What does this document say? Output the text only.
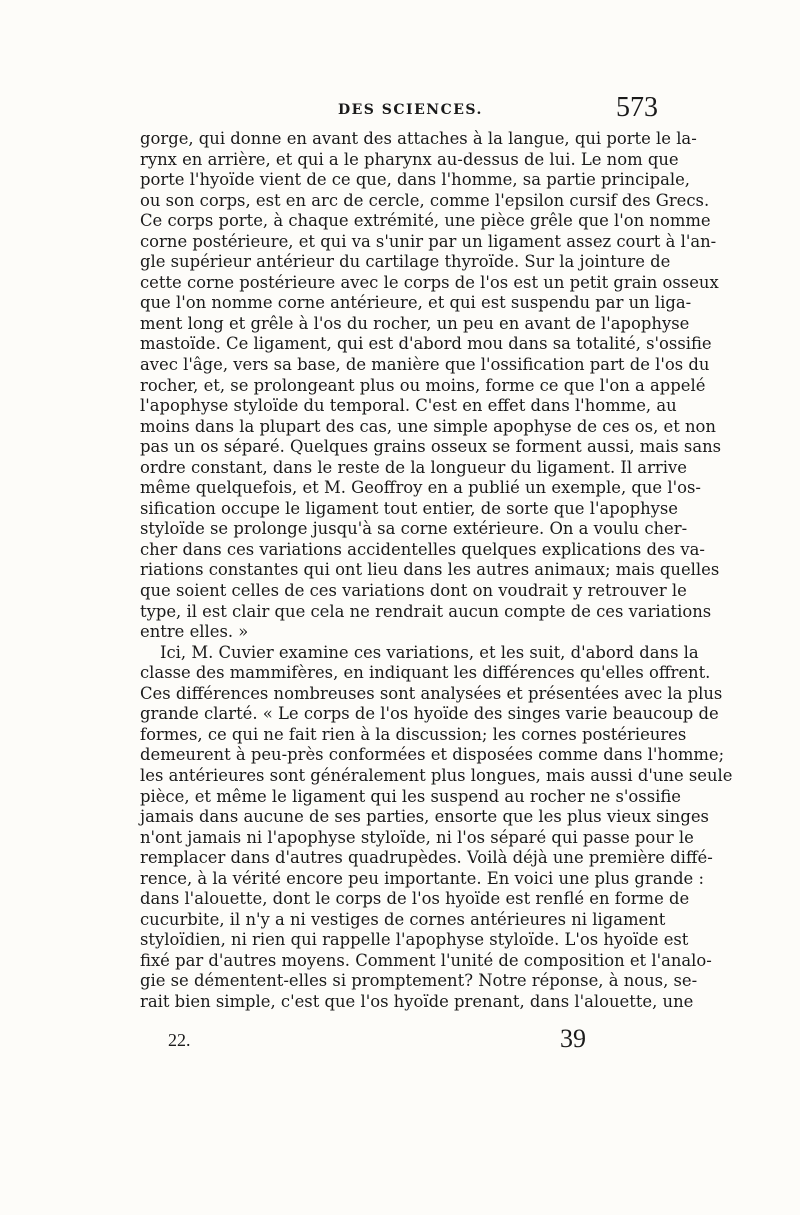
DES SCIENCES.	573
gorge, qui donne en avant des attaches à la langue, qui porte le la-
rynx en arrière, et qui a le pharynx au-dessus de lui. Le nom que
porte l'hyoïde vient de ce que, dans l'homme, sa partie principale,
ou son corps, est en arc de cercle, comme l'epsilon cursif des Grecs.
Ce corps porte, à chaque extrémité, une pièce grêle que l'on nomme
corne postérieure, et qui va s'unir par un ligament assez court à l'an-
gle supérieur antérieur du cartilage thyroïde. Sur la jointure de
cette corne postérieure avec le corps de l'os est un petit grain osseux
que l'on nomme corne antérieure, et qui est suspendu par un liga-
ment long et grêle à l'os du rocher, un peu en avant de l'apophyse
mastoïde. Ce ligament, qui est d'abord mou dans sa totalité, s'ossifie
avec l'âge, vers sa base, de manière que l'ossification part de l'os du
rocher, et, se prolongeant plus ou moins, forme ce que l'on a appelé
l'apophyse styloïde du temporal. C'est en effet dans l'homme, au
moins dans la plupart des cas, une simple apophyse de ces os, et non
pas un os séparé. Quelques grains osseux se forment aussi, mais sans
ordre constant, dans le reste de la longueur du ligament. Il arrive
même quelquefois, et M. Geoffroy en a publié un exemple, que l'os-
sification occupe le ligament tout entier, de sorte que l'apophyse
styloïde se prolonge jusqu'à sa corne extérieure. On a voulu cher-
cher dans ces variations accidentelles quelques explications des va-
riations constantes qui ont lieu dans les autres animaux; mais quelles
que soient celles de ces variations dont on voudrait y retrouver le
type, il est clair que cela ne rendrait aucun compte de ces variations
entre elles. »
Ici, M. Cuvier examine ces variations, et les suit, d'abord dans la
classe des mammifères, en indiquant les différences qu'elles offrent.
Ces différences nombreuses sont analysées et présentées avec la plus
grande clarté. « Le corps de l'os hyoïde des singes varie beaucoup de
formes, ce qui ne fait rien à la discussion; les cornes postérieures
demeurent à peu-près conformées et disposées comme dans l'homme;
les antérieures sont généralement plus longues, mais aussi d'une seule
pièce, et même le ligament qui les suspend au rocher ne s'ossifie
jamais dans aucune de ses parties, ensorte que les plus vieux singes
n'ont jamais ni l'apophyse styloïde, ni l'os séparé qui passe pour le
remplacer dans d'autres quadrupèdes. Voilà déjà une première diffé-
rence, à la vérité encore peu importante. En voici une plus grande :
dans l'alouette, dont le corps de l'os hyoïde est renflé en forme de
cucurbite, il n'y a ni vestiges de cornes antérieures ni ligament
styloïdien, ni rien qui rappelle l'apophyse styloïde. L'os hyoïde est
fixé par d'autres moyens. Comment l'unité de composition et l'analo-
gie se démentent-elles si promptement? Notre réponse, à nous, se-
rait bien simple, c'est que l'os hyoïde prenant, dans l'alouette, une
22.	39
